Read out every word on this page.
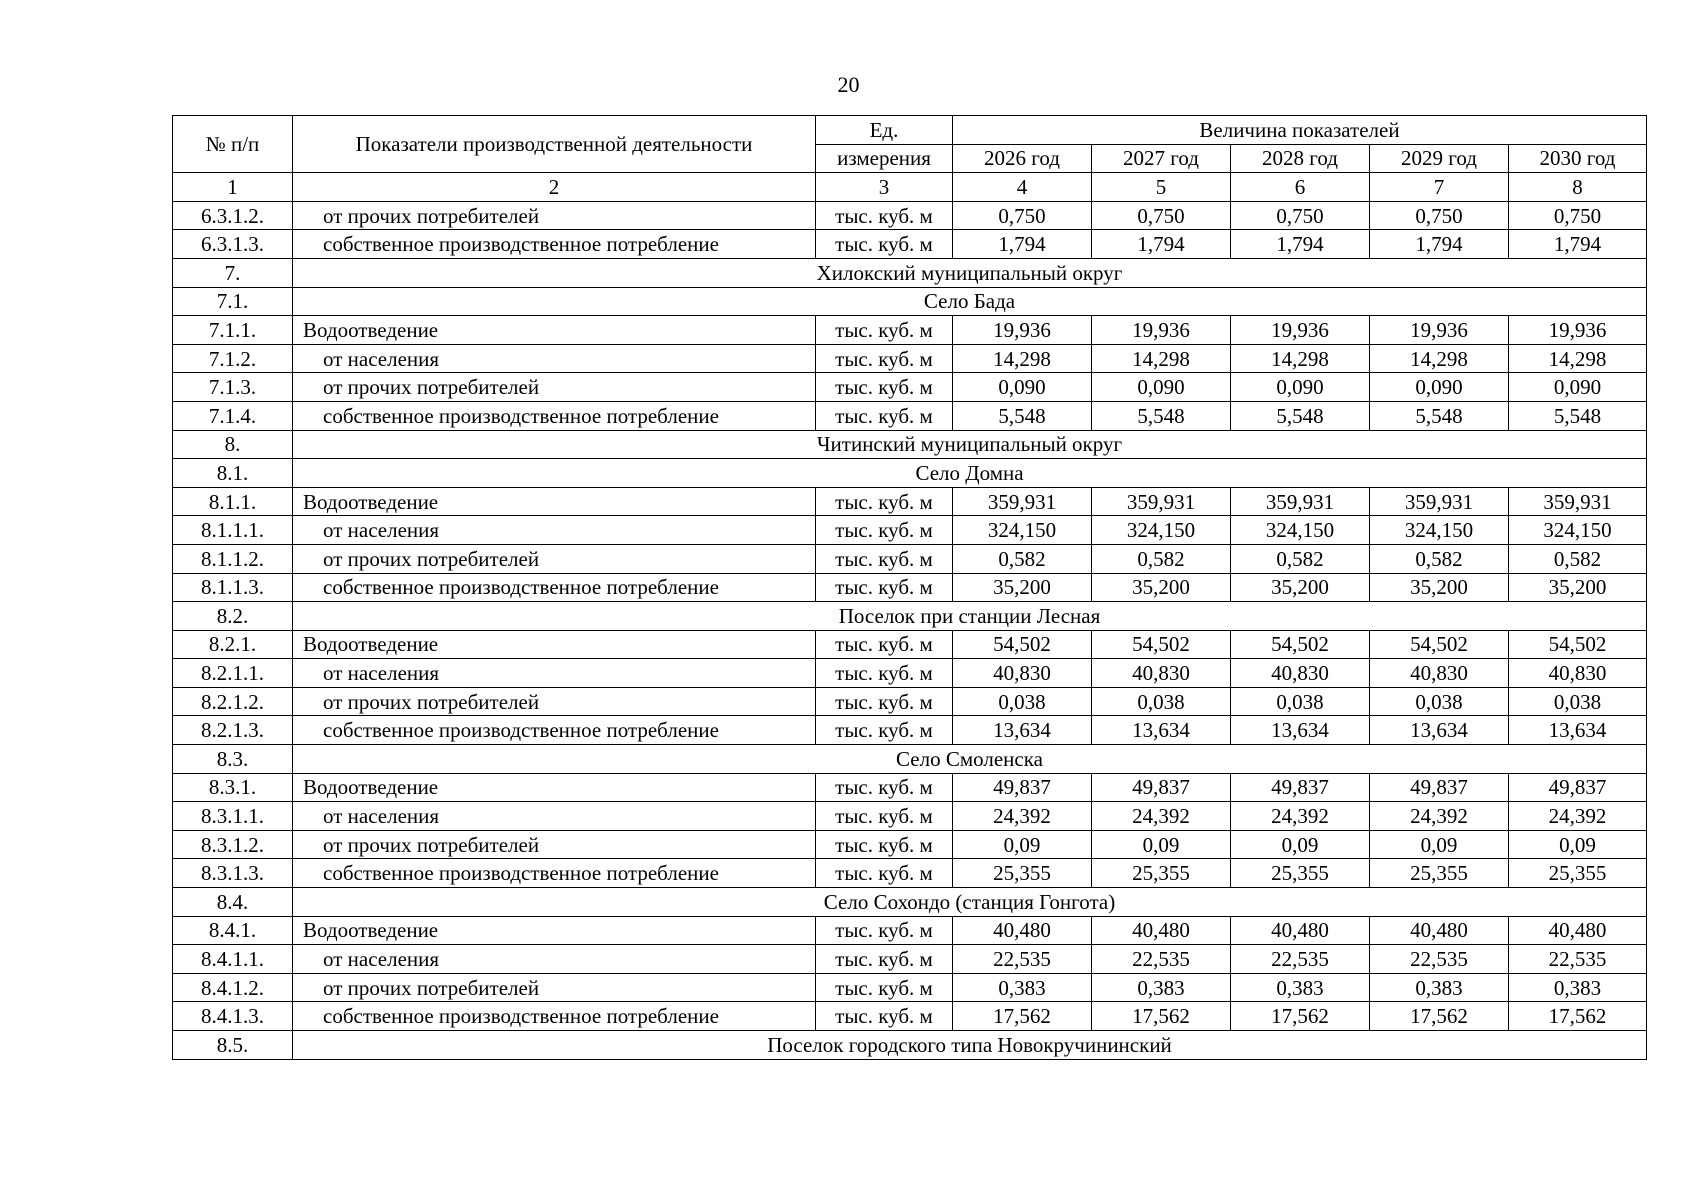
20
№ п/п	Показатели производственной деятельности	Ед.	Величина показателей				
		измерения	2026 год	2027 год	2028 год	2029 год	2030 год
1	2	3	4	5	6	7	8
6.3.1.2.	от прочих потребителей	тыс. куб. м	0,750	0,750	0,750	0,750	0,750
6.3.1.3.	собственное производственное потребление	тыс. куб. м	1,794	1,794	1,794	1,794	1,794
7.	Хилокский муниципальный округ						
7.1.	Село Бада						
7.1.1.	Водоотведение	тыс. куб. м	19,936	19,936	19,936	19,936	19,936
7.1.2.	от населения	тыс. куб. м	14,298	14,298	14,298	14,298	14,298
7.1.3.	от прочих потребителей	тыс. куб. м	0,090	0,090	0,090	0,090	0,090
7.1.4.	собственное производственное потребление	тыс. куб. м	5,548	5,548	5,548	5,548	5,548
8.	Читинский муниципальный округ						
8.1.	Село Домна						
8.1.1.	Водоотведение	тыс. куб. м	359,931	359,931	359,931	359,931	359,931
8.1.1.1.	от населения	тыс. куб. м	324,150	324,150	324,150	324,150	324,150
8.1.1.2.	от прочих потребителей	тыс. куб. м	0,582	0,582	0,582	0,582	0,582
8.1.1.3.	собственное производственное потребление	тыс. куб. м	35,200	35,200	35,200	35,200	35,200
8.2.	Поселок при станции Лесная						
8.2.1.	Водоотведение	тыс. куб. м	54,502	54,502	54,502	54,502	54,502
8.2.1.1.	от населения	тыс. куб. м	40,830	40,830	40,830	40,830	40,830
8.2.1.2.	от прочих потребителей	тыс. куб. м	0,038	0,038	0,038	0,038	0,038
8.2.1.3.	собственное производственное потребление	тыс. куб. м	13,634	13,634	13,634	13,634	13,634
8.3.	Село Смоленска						
8.3.1.	Водоотведение	тыс. куб. м	49,837	49,837	49,837	49,837	49,837
8.3.1.1.	от населения	тыс. куб. м	24,392	24,392	24,392	24,392	24,392
8.3.1.2.	от прочих потребителей	тыс. куб. м	0,09	0,09	0,09	0,09	0,09
8.3.1.3.	собственное производственное потребление	тыс. куб. м	25,355	25,355	25,355	25,355	25,355
8.4.	Село Сохондо (станция Гонгота)						
8.4.1.	Водоотведение	тыс. куб. м	40,480	40,480	40,480	40,480	40,480
8.4.1.1.	от населения	тыс. куб. м	22,535	22,535	22,535	22,535	22,535
8.4.1.2.	от прочих потребителей	тыс. куб. м	0,383	0,383	0,383	0,383	0,383
8.4.1.3.	собственное производственное потребление	тыс. куб. м	17,562	17,562	17,562	17,562	17,562
8.5.	Поселок городского типа Новокручининский						
